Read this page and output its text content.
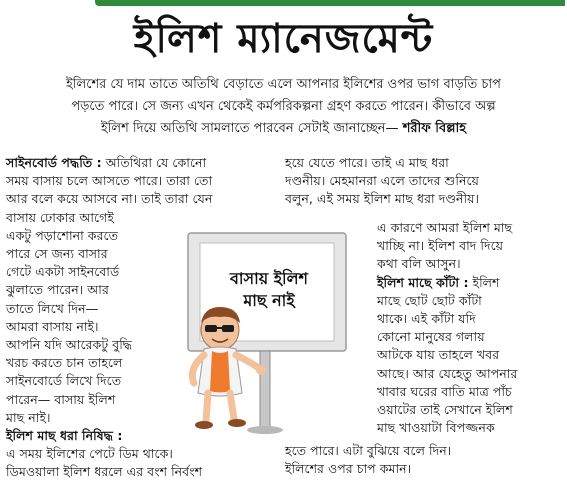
ইলিশ ম্যানেজমেন্ট
ইলিশের যে দাম তাতে অতিথি বেড়াতে এলে আপনার ইলিশের ওপর ভাগ বাড়তি চাপ
পড়তে পারে। সে জন্য এখন থেকেই কর্মপরিকল্পনা গ্রহণ করতে পারেন। কীভাবে অল্প
ইলিশ দিয়ে অতিথি সামলাতে পারবেন সেটাই জানাচ্ছেন— শরীফ বিল্লাহ

সাইনবোর্ড পদ্ধতি : অতিথিরা যে কোনো

সময় বাসায় চলে আসতে পারে। তারা তো

আর বলে কয়ে আসবে না। তাই তারা যেন

বাসায় ঢোকার আগেই

একটু পড়াশোনা করতে

পারে সে জন্য বাসার

গেটে একটা সাইনবোর্ড

ঝুলাতে পারেন। আর

তাতে লিখে দিন—

আমরা বাসায় নাই।

আপনি যদি আরেকটু বুদ্ধি

খরচ করতে চান তাহলে

সাইনবোর্ডে লিখে দিতে

পারেন— বাসায় ইলিশ

মাছ নাই।

ইলিশ মাছ ধরা নিষিদ্ধ :

এ সময় ইলিশের পেটে ডিম থাকে।

ডিমওয়ালা ইলিশ ধরলে এর বংশ নির্বংশ

হয়ে যেতে পারে। তাই এ মাছ ধরা

দণ্ডনীয়। মেহমানরা এলে তাদের শুনিয়ে

বলুন, এই সময় ইলিশ মাছ ধরা দণ্ডনীয়।

এ কারণে আমরা ইলিশ মাছ

খাচ্ছি না। ইলিশ বাদ দিয়ে

কথা বলি আসুন।

ইলিশ মাছে কাঁটা : ইলিশ

মাছে ছোট ছোট কাঁটা

থাকে। এই কাঁটা যদি

কোনো মানুষের গলায়

আটকে যায় তাহলে খবর

আছে। আর যেহেতু আপনার

খাবার ঘরের বাতি মাত্র পাঁচ

ওয়াটের তাই সেখানে ইলিশ

মাছ খাওয়াটা বিপজ্জনক

হতে পারে। এটা বুঝিয়ে বলে দিন।

ইলিশের ওপর চাপ কমান।

বাসায় ইলিশ
মাছ নাই
